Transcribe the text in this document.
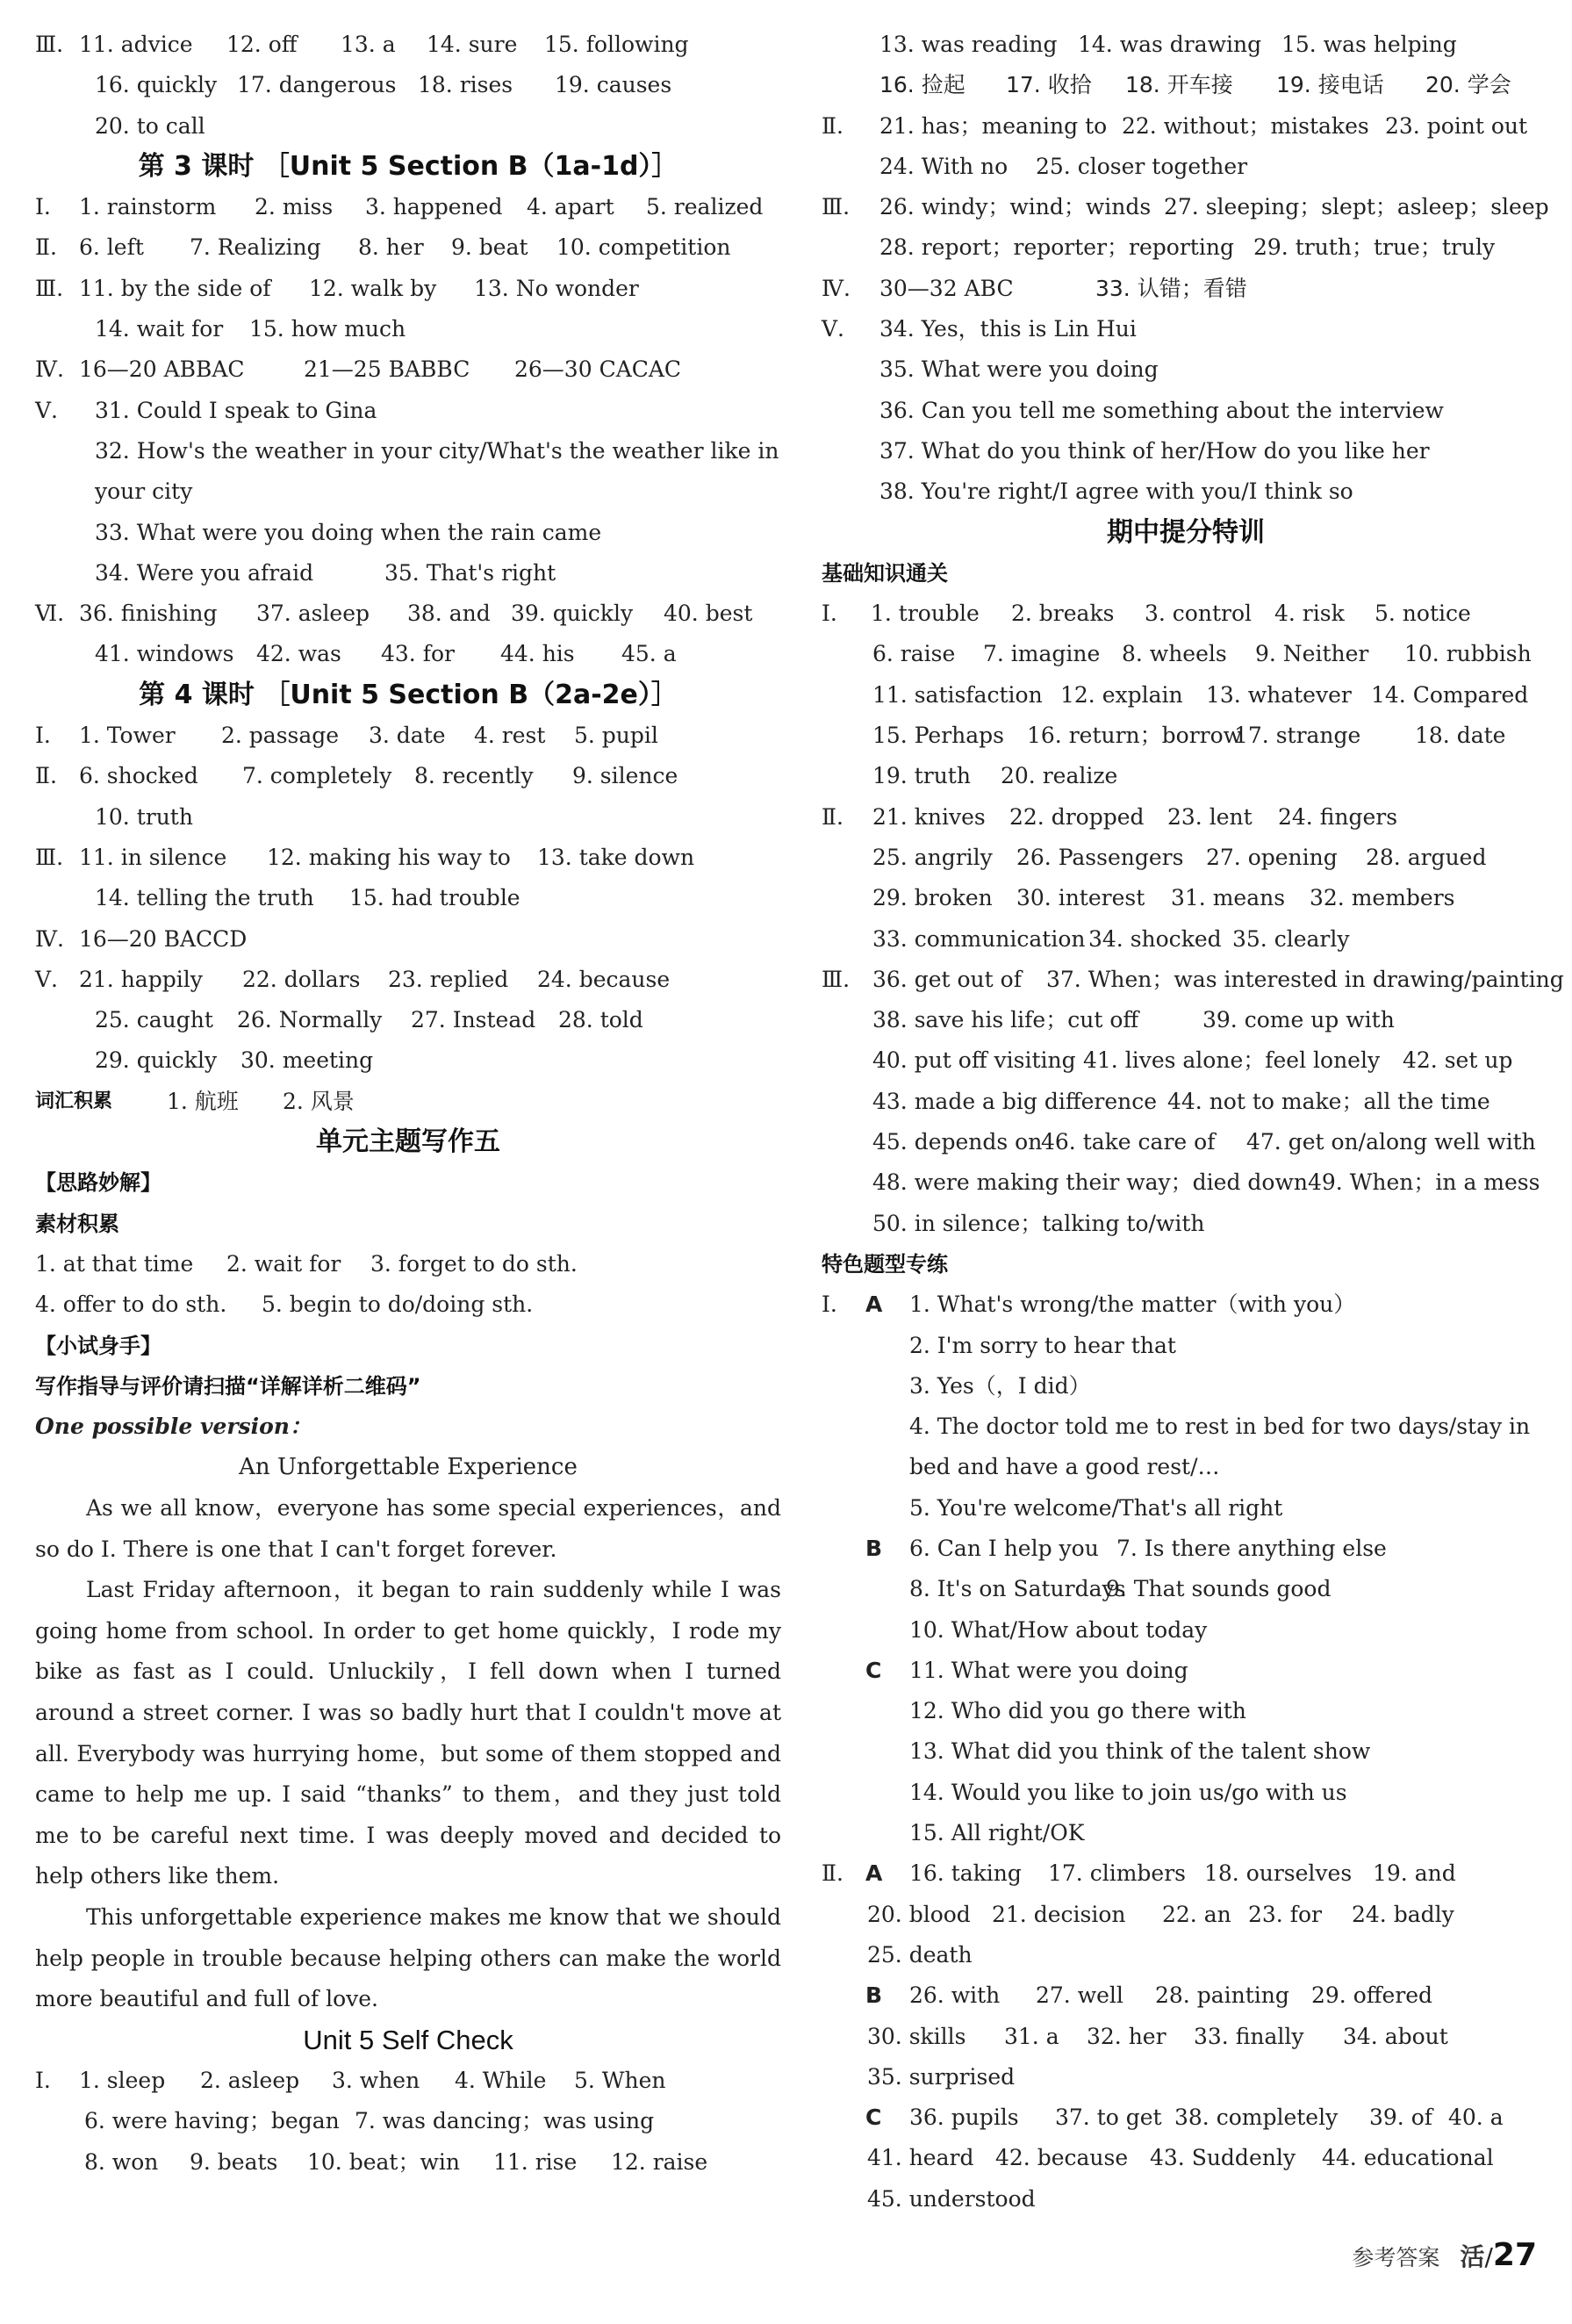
Ⅲ. 11. advice 12. off 13. a 14. sure 15. following
16. quickly 17. dangerous 18. rises 19. causes
20. to call
第 3 课时 ［Unit 5 Section B（1a-1d）］
Ⅰ. 1. rainstorm 2. miss 3. happened 4. apart 5. realized
Ⅱ. 6. left 7. Realizing 8. her 9. beat 10. competition
Ⅲ. 11. by the side of 12. walk by 13. No wonder
14. wait for 15. how much
Ⅳ. 16—20 ABBAC	21—25 BABBC 26—30 CACAC
Ⅴ. 31. Could I speak to Gina
32. How's the weather in your city/What's the weather like in your city
33. What were you doing when the rain came
34. Were you afraid	35. That's right
Ⅵ. 36. finishing 37. asleep 38. and 39. quickly 40. best
41. windows 42. was 43. for 44. his 45. a
第 4 课时 ［Unit 5 Section B（2a-2e）］
Ⅰ. 1. Tower 2. passage 3. date 4. rest 5. pupil
Ⅱ. 6. shocked 7. completely 8. recently 9. silence
10. truth
Ⅲ. 11. in silence 12. making his way to 13. take down
14. telling the truth 15. had trouble
Ⅳ. 16—20 BACCD
Ⅴ. 21. happily 22. dollars 23. replied 24. because
25. caught 26. Normally 27. Instead 28. told
29. quickly 30. meeting
词汇积累 1. 航班 2. 风景
单元主题写作五
【思路妙解】
素材积累
1. at that time 2. wait for 3. forget to do sth.
4. offer to do sth. 5. begin to do/doing sth.
【小试身手】
写作指导与评价请扫描“详解详析二维码”
One possible version：
An Unforgettable Experience

As we all know，everyone has some special experiences，and so do I. There is one that I can't forget forever.

Last Friday afternoon，it began to rain suddenly while I was going home from school. In order to get home quickly，I rode my bike as fast as I could. Unluckily，I fell down when I turned around a street corner. I was so badly hurt that I couldn't move at all. Everybody was hurrying home，but some of them stopped and came to help me up. I said “thanks” to them，and they just told me to be careful next time. I was deeply moved and decided to help others like them.

This unforgettable experience makes me know that we should help people in trouble because helping others can make the world more beautiful and full of love.

Unit 5 Self Check
Ⅰ. 1. sleep 2. asleep 3. when 4. While 5. When
6. were having；began 7. was dancing；was using
8. won 9. beats 10. beat；win 11. rise 12. raise
13. was reading 14. was drawing 15. was helping
16. 捡起 17. 收拾 18. 开车接 19. 接电话 20. 学会
Ⅱ. 21. has；meaning to 22. without；mistakes 23. point out
24. With no 25. closer together
Ⅲ. 26. windy；wind；winds 27. sleeping；slept；asleep；sleep
28. report；reporter；reporting 29. truth；true；truly
Ⅳ. 30—32 ABC	33. 认错；看错
Ⅴ. 34. Yes，this is Lin Hui
35. What were you doing
36. Can you tell me something about the interview
37. What do you think of her/How do you like her
38. You're right/I agree with you/I think so
期中提分特训
基础知识通关
Ⅰ. 1. trouble 2. breaks 3. control 4. risk 5. notice
6. raise 7. imagine 8. wheels 9. Neither 10. rubbish
11. satisfaction 12. explain 13. whatever 14. Compared
15. Perhaps 16. return；borrow
17. strange 18. date
19. truth 20. realize
Ⅱ. 21. knives 22. dropped 23. lent 24. fingers
25. angrily 26. Passengers 27. opening 28. argued
29. broken 30. interest 31. means 32. members
33. communication 34. shocked 35. clearly
Ⅲ. 36. get out of 37. When；was interested in drawing/painting
38. save his life；cut off	39. come up with
40. put off visiting 41. lives alone；feel lonely 42. set up
43. made a big difference 44. not to make；all the time
45. depends on
46. take care of 47. get on/along well with
48. were making their way；died down 49. When；in a mess
50. in silence；talking to/with
特色题型专练
Ⅰ. A 1. What's wrong/the matter（with you）
2. I'm sorry to hear that
3. Yes（，I did）
4. The doctor told me to rest in bed for two days/stay in bed and have a good rest/…
5. You're welcome/That's all right
B 6. Can I help you 7. Is there anything else
8. It's on Saturdays
9. That sounds good
10. What/How about today
C 11. What were you doing
12. Who did you go there with
13. What did you think of the talent show
14. Would you like to join us/go with us
15. All right/OK
Ⅱ. A 16. taking 17. climbers 18. ourselves 19. and
20. blood 21. decision 22. an 23. for 24. badly
25. death
B 26. with 27. well 28. painting 29. offered
30. skills 31. a 32. her 33. finally 34. about
35. surprised
C 36. pupils 37. to get 38. completely 39. of 40. a
41. heard 42. because 43. Suddenly 44. educational
45. understood
参考答案 活/27
